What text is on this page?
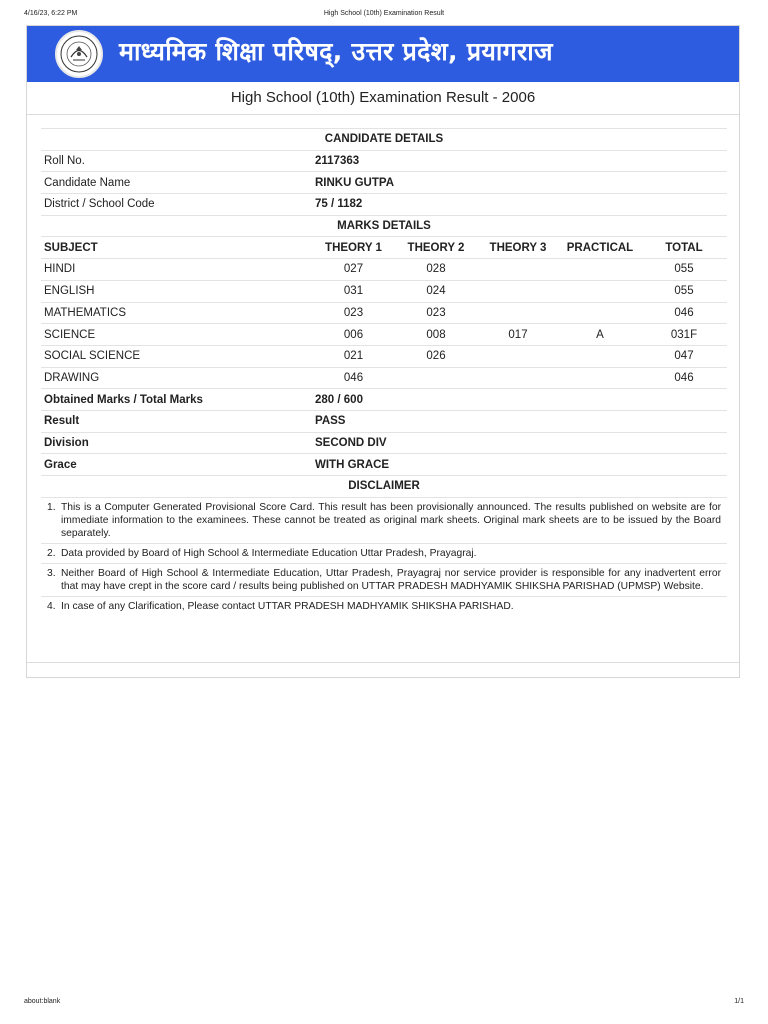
4/16/23, 6:22 PM	High School (10th) Examination Result
माध्यमिक शिक्षा परिषद्, उत्तर प्रदेश, प्रयागराज
High School (10th) Examination Result - 2006
CANDIDATE DETAILS					
Roll No.	2117363				
Candidate Name	RINKU GUTPA				
District / School Code	75 / 1182				
MARKS DETAILS					
SUBJECT	THEORY 1	THEORY 2	THEORY 3	PRACTICAL	TOTAL
HINDI	027	028			055
ENGLISH	031	024			055
MATHEMATICS	023	023			046
SCIENCE	006	008	017	A	031F
SOCIAL SCIENCE	021	026			047
DRAWING	046				046
Obtained Marks / Total Marks	280 / 600				
Result	PASS				
Division	SECOND DIV				
Grace	WITH GRACE				
DISCLAIMER					
1. This is a Computer Generated Provisional Score Card. This result has been provisionally announced. The results published on website are for immediate information to the examinees. These cannot be treated as original mark sheets. Original mark sheets are to be issued by the Board separately.
2. Data provided by Board of High School & Intermediate Education Uttar Pradesh, Prayagraj.
3. Neither Board of High School & Intermediate Education, Uttar Pradesh, Prayagraj nor service provider is responsible for any inadvertent error that may have crept in the score card / results being published on UTTAR PRADESH MADHYAMIK SHIKSHA PARISHAD (UPMSP) Website.
4. In case of any Clarification, Please contact UTTAR PRADESH MADHYAMIK SHIKSHA PARISHAD.
about:blank	1/1
